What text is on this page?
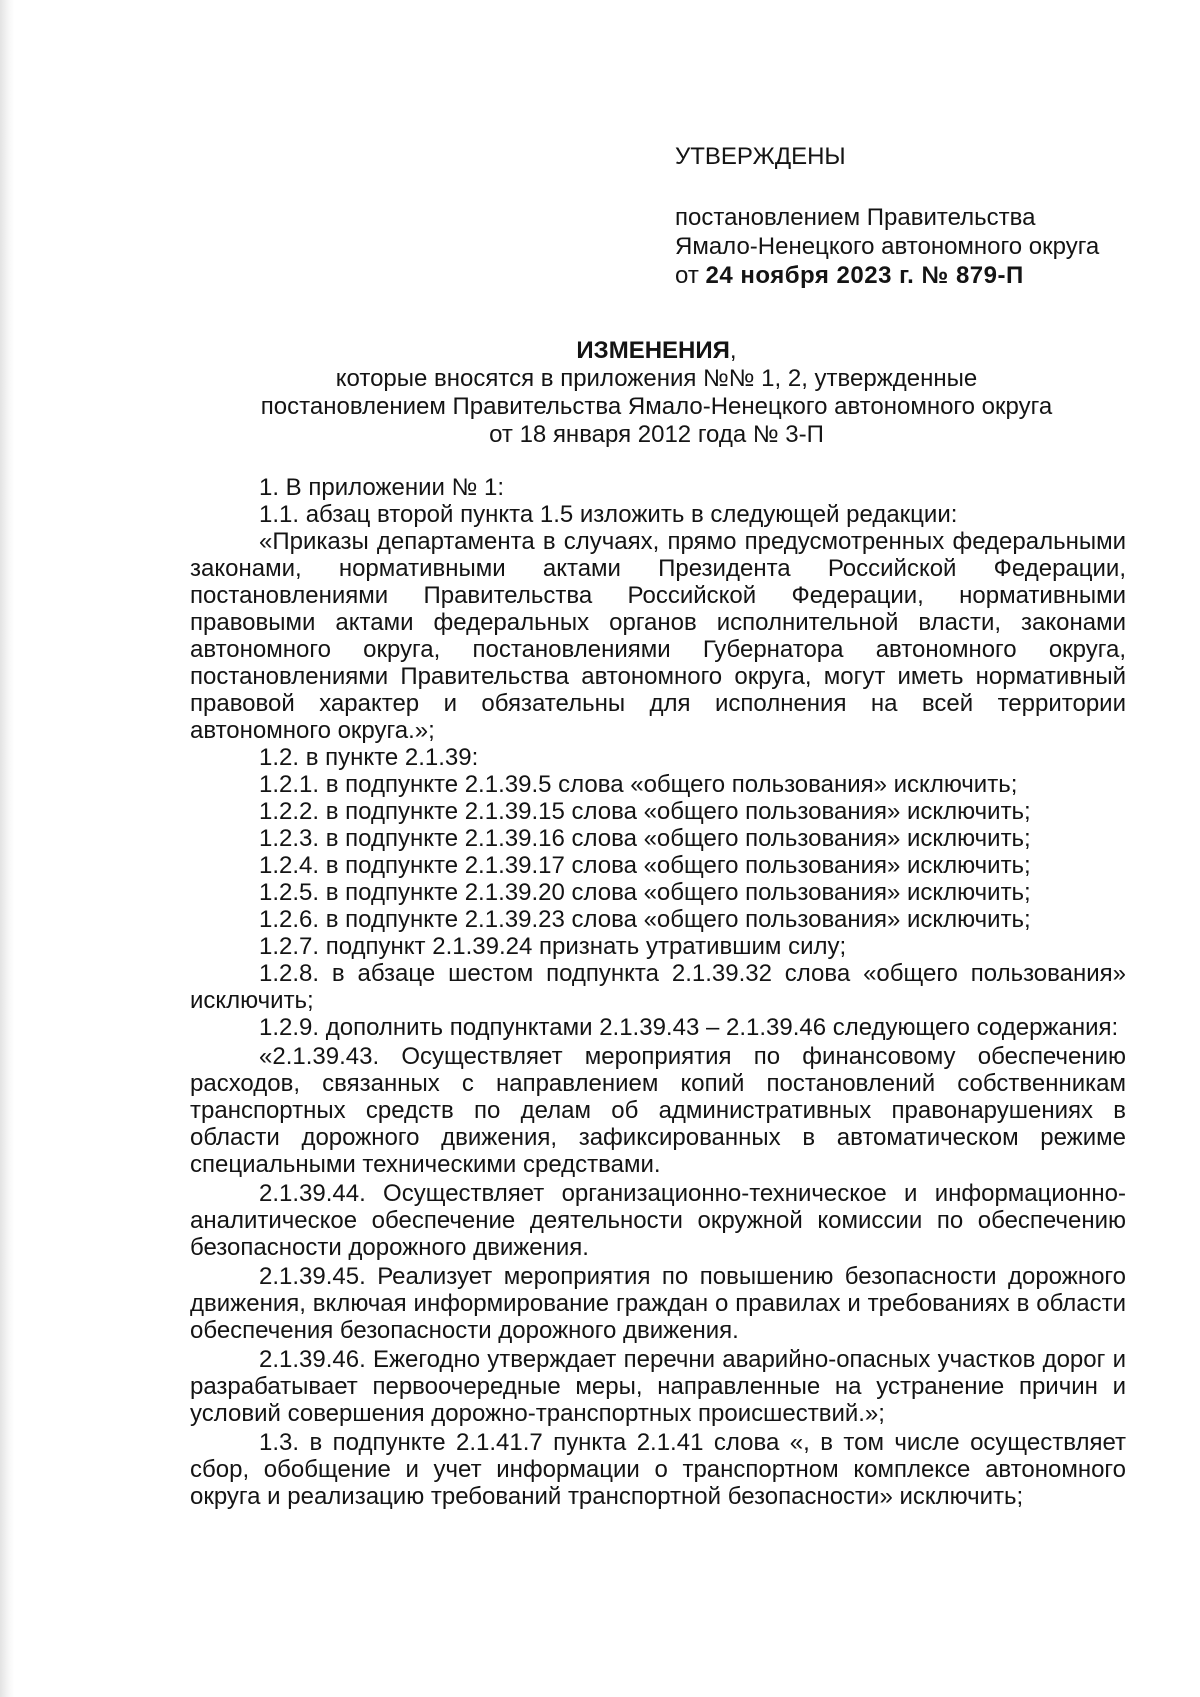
УТВЕРЖДЕНЫ
постановлением Правительства
Ямало-Ненецкого автономного округа
от 24 ноября 2023 г. № 879-П
ИЗМЕНЕНИЯ,
которые вносятся в приложения №№ 1, 2, утвержденные
постановлением Правительства Ямало-Ненецкого автономного округа
от 18 января 2012 года № 3-П

1. В приложении № 1:

1.1. абзац второй пункта 1.5 изложить в следующей редакции:

«Приказы департамента в случаях, прямо предусмотренных федеральными законами, нормативными актами Президента Российской Федерации, постановлениями Правительства Российской Федерации, нормативными правовыми актами федеральных органов исполнительной власти, законами автономного округа, постановлениями Губернатора автономного округа, постановлениями Правительства автономного округа, могут иметь нормативный правовой характер и обязательны для исполнения на всей территории автономного округа.»;

1.2. в пункте 2.1.39:

1.2.1. в подпункте 2.1.39.5 слова «общего пользования» исключить;

1.2.2. в подпункте 2.1.39.15 слова «общего пользования» исключить;

1.2.3. в подпункте 2.1.39.16 слова «общего пользования» исключить;

1.2.4. в подпункте 2.1.39.17 слова «общего пользования» исключить;

1.2.5. в подпункте 2.1.39.20 слова «общего пользования» исключить;

1.2.6. в подпункте 2.1.39.23 слова «общего пользования» исключить;

1.2.7. подпункт 2.1.39.24 признать утратившим силу;

1.2.8. в абзаце шестом подпункта 2.1.39.32 слова «общего пользования» исключить;

1.2.9. дополнить подпунктами 2.1.39.43 – 2.1.39.46 следующего содержания:

«2.1.39.43. Осуществляет мероприятия по финансовому обеспечению расходов, связанных с направлением копий постановлений собственникам транспортных средств по делам об административных правонарушениях в области дорожного движения, зафиксированных в автоматическом режиме специальными техническими средствами.

2.1.39.44. Осуществляет организационно-техническое и информационно-аналитическое обеспечение деятельности окружной комиссии по обеспечению безопасности дорожного движения.

2.1.39.45. Реализует мероприятия по повышению безопасности дорожного движения, включая информирование граждан о правилах и требованиях в области обеспечения безопасности дорожного движения.

2.1.39.46. Ежегодно утверждает перечни аварийно-опасных участков дорог и разрабатывает первоочередные меры, направленные на устранение причин и условий совершения дорожно-транспортных происшествий.»;

1.3. в подпункте 2.1.41.7 пункта 2.1.41 слова «, в том числе осуществляет сбор, обобщение и учет информации о транспортном комплексе автономного округа и реализацию требований транспортной безопасности» исключить;
